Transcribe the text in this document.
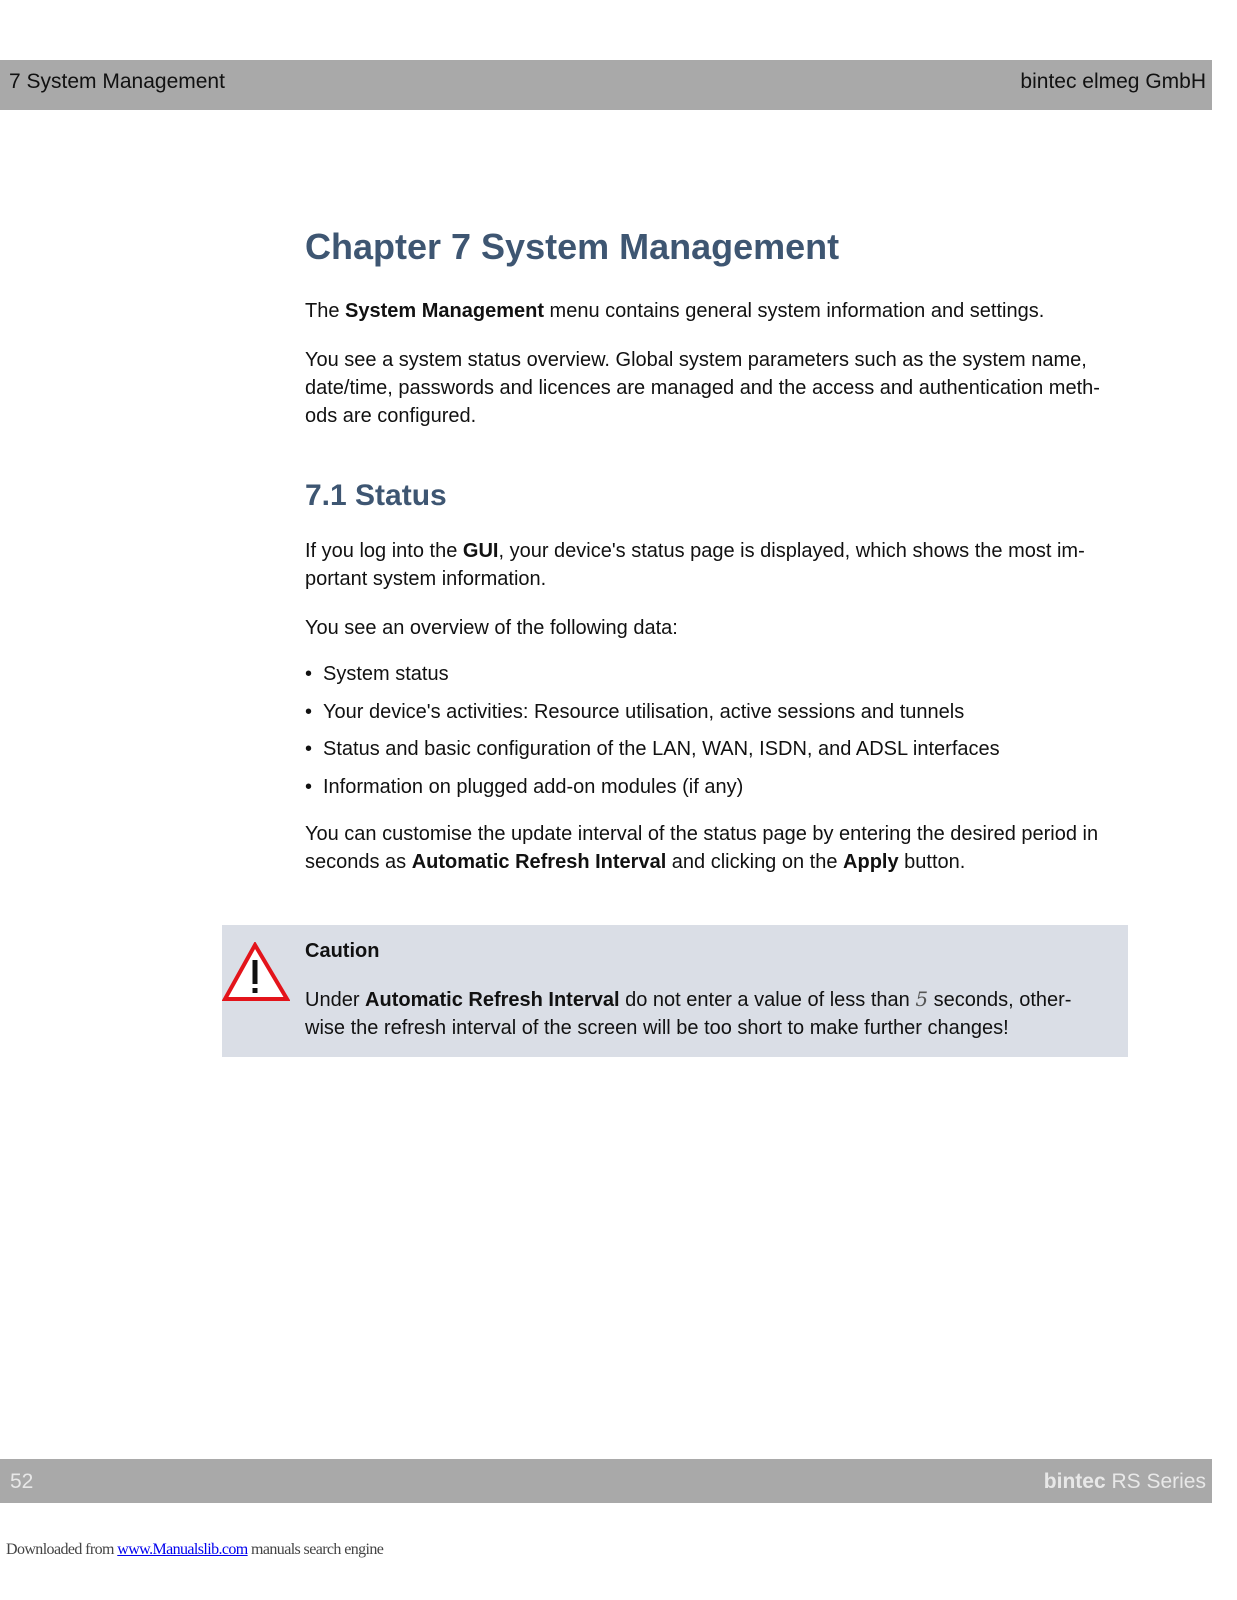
7 System Management	bintec elmeg GmbH
Chapter 7 System Management

The System Management menu contains general system information and settings.

You see a system status overview. Global system parameters such as the system name, date/time, passwords and licences are managed and the access and authentication meth- ods are configured.

7.1 Status

If you log into the GUI, your device's status page is displayed, which shows the most im- portant system information.

You see an overview of the following data:

• System status
• Your device's activities: Resource utilisation, active sessions and tunnels
• Status and basic configuration of the LAN, WAN, ISDN, and ADSL interfaces
• Information on plugged add-on modules (if any)

You can customise the update interval of the status page by entering the desired period in seconds as Automatic Refresh Interval and clicking on the Apply button.

Caution

Under Automatic Refresh Interval do not enter a value of less than 5 seconds, other- wise the refresh interval of the screen will be too short to make further changes!

52	bintec RS Series
Downloaded from www.Manualslib.com manuals search engine
